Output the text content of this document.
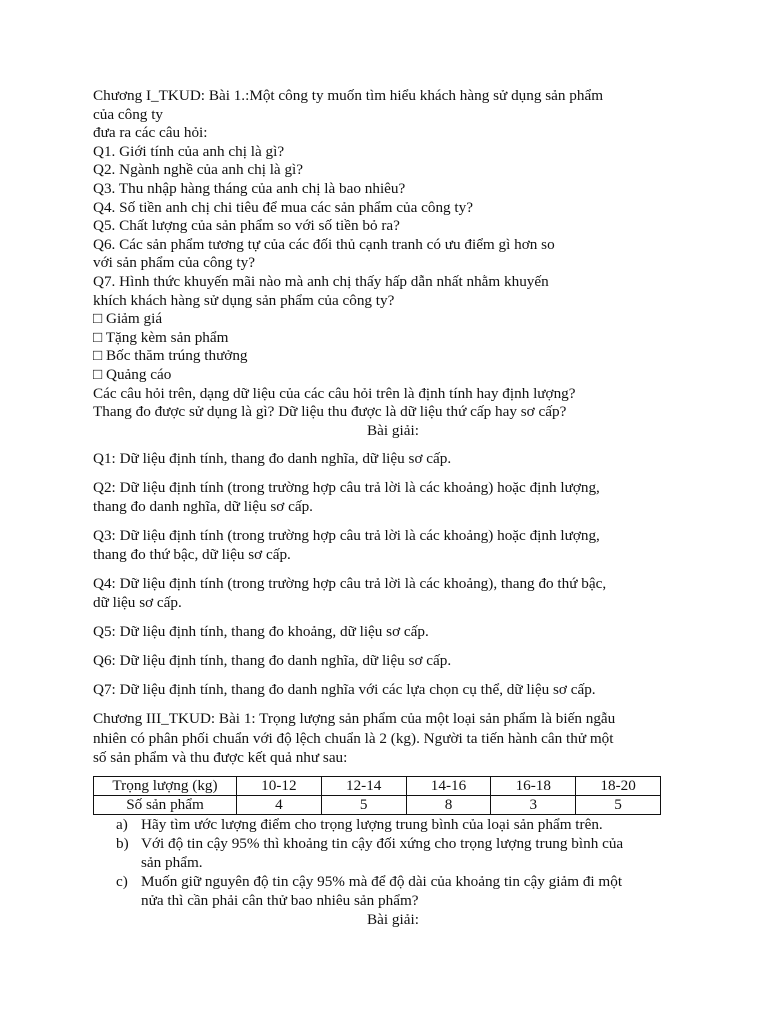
Chương I_TKUD: Bài 1.:Một công ty muốn tìm hiểu khách hàng sử dụng sản phẩm
của công ty
đưa ra các câu hỏi:
Q1. Giới tính của anh chị là gì?
Q2. Ngành nghề của anh chị là gì?
Q3. Thu nhập hàng tháng của anh chị là bao nhiêu?
Q4. Số tiền anh chị chi tiêu để mua các sản phẩm của công ty?
Q5. Chất lượng của sản phẩm so với số tiền bỏ ra?
Q6. Các sản phẩm tương tự của các đối thủ cạnh tranh có ưu điểm gì hơn so
với sản phẩm của công ty?
Q7. Hình thức khuyến mãi nào mà anh chị thấy hấp dẫn nhất nhằm khuyến
khích khách hàng sử dụng sản phẩm của công ty?
□ Giảm giá
□ Tặng kèm sản phẩm
□ Bốc thăm trúng thưởng
□ Quảng cáo
Các câu hỏi trên, dạng dữ liệu của các câu hỏi trên là định tính hay định lượng?
Thang đo được sử dụng là gì? Dữ liệu thu được là dữ liệu thứ cấp hay sơ cấp?
Bài giải:
Q1: Dữ liệu định tính, thang đo danh nghĩa, dữ liệu sơ cấp.
Q2: Dữ liệu định tính (trong trường hợp câu trả lời là các khoảng) hoặc định lượng,
thang đo danh nghĩa, dữ liệu sơ cấp.
Q3: Dữ liệu định tính (trong trường hợp câu trả lời là các khoảng) hoặc định lượng,
thang đo thứ bậc, dữ liệu sơ cấp.
Q4: Dữ liệu định tính (trong trường hợp câu trả lời là các khoảng), thang đo thứ bậc,
dữ liệu sơ cấp.
Q5: Dữ liệu định tính, thang đo khoảng, dữ liệu sơ cấp.
Q6: Dữ liệu định tính, thang đo danh nghĩa, dữ liệu sơ cấp.
Q7: Dữ liệu định tính, thang đo danh nghĩa với các lựa chọn cụ thể, dữ liệu sơ cấp.
Chương III_TKUD: Bài 1: Trọng lượng sản phẩm của một loại sản phẩm là biến ngẫu
nhiên có phân phối chuẩn với độ lệch chuẩn là 2 (kg). Người ta tiến hành cân thử một
số sản phẩm và thu được kết quả như sau:
Trọng lượng (kg)	10-12	12-14	14-16	16-18	18-20
Số sản phẩm	4	5	8	3	5
a) Hãy tìm ước lượng điểm cho trọng lượng trung bình của loại sản phẩm trên.
b) Với độ tin cậy 95% thì khoảng tin cậy đối xứng cho trọng lượng trung bình của
sản phẩm.
c) Muốn giữ nguyên độ tin cậy 95% mà để độ dài của khoảng tin cậy giảm đi một
nửa thì cần phải cân thử bao nhiêu sản phẩm?
Bài giải:
